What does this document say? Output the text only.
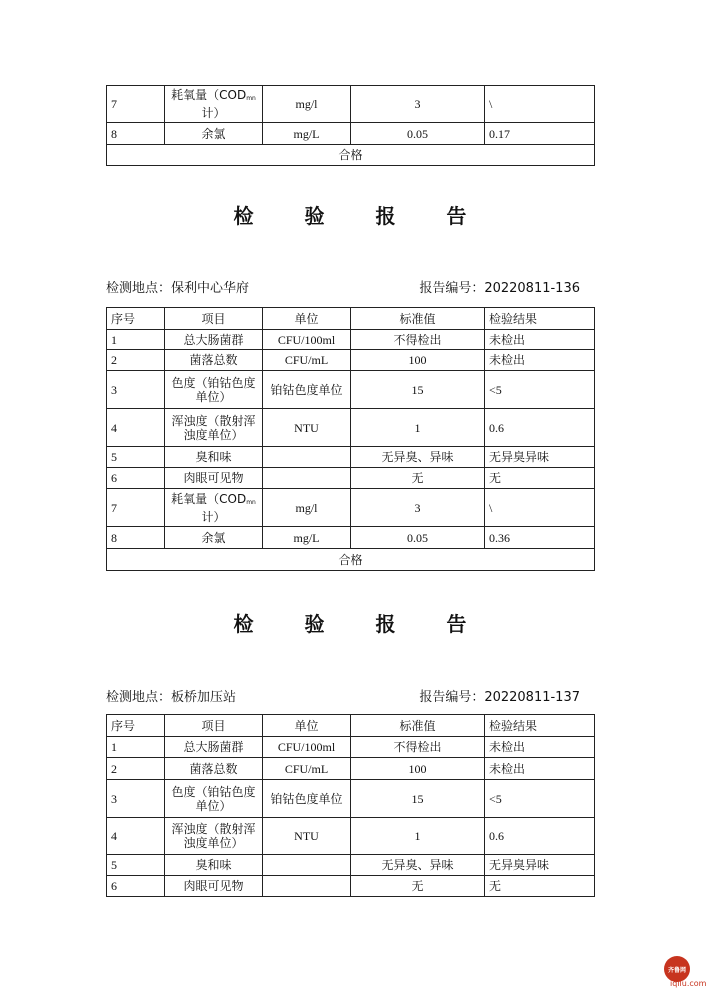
7	耗氧量（$COD_{mn}$计）	mg/l	3	\
8	余氯	mg/L	0.05	0.17
合格				
检 验 报 告
检测地点：保利中心华府	报告编号：20220811-136
序号	项目	单位	标准值	检验结果
1	总大肠菌群	CFU/100ml	不得检出	未检出
2	菌落总数	CFU/mL	100	未检出
3	色度（铂钴色度单位）	铂钴色度单位	15	<5
4	浑浊度（散射浑浊度单位）	NTU	1	0.6
5	臭和味		无异臭、异味	无异臭异味
6	肉眼可见物		无	无
7	耗氧量（$COD_{mn}$计）	mg/l	3	\
8	余氯	mg/L	0.05	0.36
合格				
检 验 报 告
检测地点：板桥加压站	报告编号：20220811-137
序号	项目	单位	标准值	检验结果
1	总大肠菌群	CFU/100ml	不得检出	未检出
2	菌落总数	CFU/mL	100	未检出
3	色度（铂钴色度单位）	铂钴色度单位	15	<5
4	浑浊度（散射浑浊度单位）	NTU	1	0.6
5	臭和味		无异臭、异味	无异臭异味
6	肉眼可见物		无	无
齐鲁网
iqilu.com
